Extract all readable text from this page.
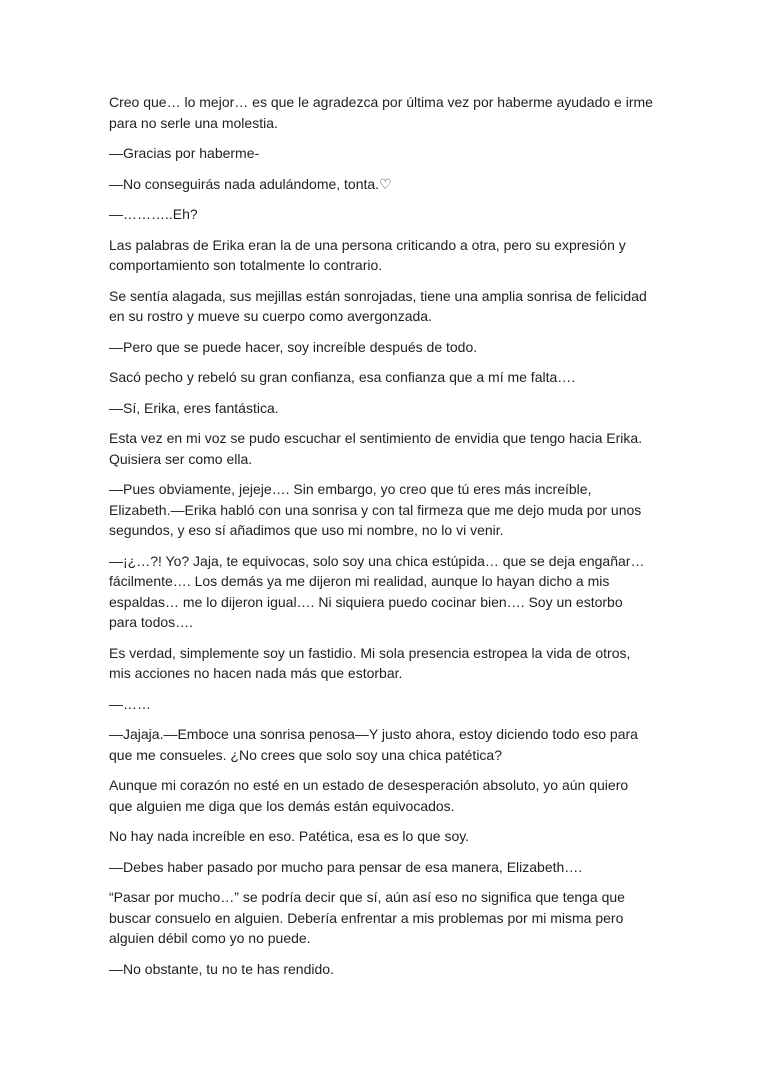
Creo que… lo mejor… es que le agradezca por última vez por haberme ayudado e irme para no serle una molestia.

—Gracias por haberme-

—No conseguirás nada adulándome, tonta.♡

—………..Eh?

Las palabras de Erika eran la de una persona criticando a otra, pero su expresión y comportamiento son totalmente lo contrario.

Se sentía alagada, sus mejillas están sonrojadas, tiene una amplia sonrisa de felicidad en su rostro y mueve su cuerpo como avergonzada.

—Pero que se puede hacer, soy increíble después de todo.

Sacó pecho y rebeló su gran confianza, esa confianza que a mí me falta….

—Sí, Erika, eres fantástica.

Esta vez en mi voz se pudo escuchar el sentimiento de envidia que tengo hacia Erika. Quisiera ser como ella.

—Pues obviamente, jejeje…. Sin embargo, yo creo que tú eres más increíble, Elizabeth.—Erika habló con una sonrisa y con tal firmeza que me dejo muda por unos segundos, y eso sí añadimos que uso mi nombre, no lo vi venir.

—¡¿…?! Yo? Jaja, te equivocas, solo soy una chica estúpida… que se deja engañar… fácilmente…. Los demás ya me dijeron mi realidad, aunque lo hayan dicho a mis espaldas… me lo dijeron igual…. Ni siquiera puedo cocinar bien…. Soy un estorbo para todos….

Es verdad, simplemente soy un fastidio. Mi sola presencia estropea la vida de otros, mis acciones no hacen nada más que estorbar.

—……

—Jajaja.—Emboce una sonrisa penosa—Y justo ahora, estoy diciendo todo eso para que me consueles. ¿No crees que solo soy una chica patética?

Aunque mi corazón no esté en un estado de desesperación absoluto, yo aún quiero que alguien me diga que los demás están equivocados.

No hay nada increíble en eso. Patética, esa es lo que soy.

—Debes haber pasado por mucho para pensar de esa manera, Elizabeth….

“Pasar por mucho…” se podría decir que sí, aún así eso no significa que tenga que buscar consuelo en alguien. Debería enfrentar a mis problemas por mi misma pero alguien débil como yo no puede.

—No obstante, tu no te has rendido.
